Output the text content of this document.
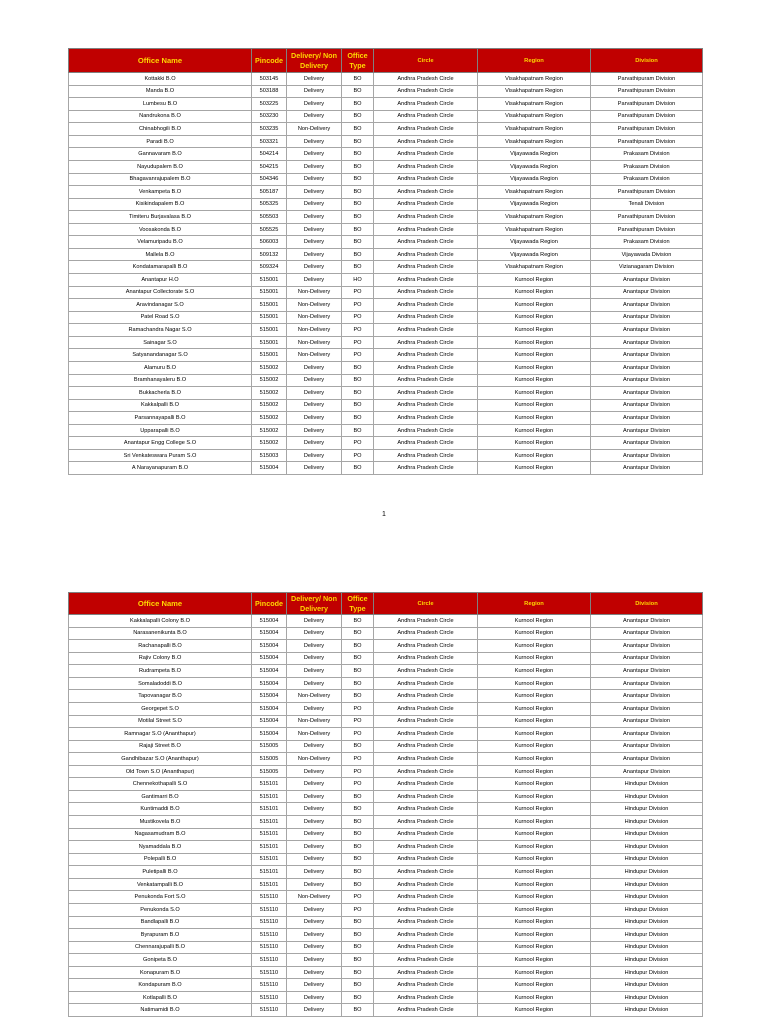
Office Name	Pincode	Delivery/ Non Delivery	Office Type	Circle	Region	Division
Kottakki B.O	503145	Delivery	BO	Andhra Pradesh Circle	Visakhapatnam Region	Parvathipuram Division
Manda B.O	503188	Delivery	BO	Andhra Pradesh Circle	Visakhapatnam Region	Parvathipuram Division
Lumbesu B.O	503225	Delivery	BO	Andhra Pradesh Circle	Visakhapatnam Region	Parvathipuram Division
Nandrukona B.O	503230	Delivery	BO	Andhra Pradesh Circle	Visakhapatnam Region	Parvathipuram Division
Chinabhogili B.O	503235	Non-Delivery	BO	Andhra Pradesh Circle	Visakhapatnam Region	Parvathipuram Division
Paradi B.O	503321	Delivery	BO	Andhra Pradesh Circle	Visakhapatnam Region	Parvathipuram Division
Gannavaram B.O	504214	Delivery	BO	Andhra Pradesh Circle	Vijayawada Region	Prakasam Division
Nayudupalem B.O	504215	Delivery	BO	Andhra Pradesh Circle	Vijayawada Region	Prakasam Division
Bhagavanrajupalem B.O	504346	Delivery	BO	Andhra Pradesh Circle	Vijayawada Region	Prakasam Division
Venkampeta B.O	505187	Delivery	BO	Andhra Pradesh Circle	Visakhapatnam Region	Parvathipuram Division
Kisikindapalem B.O	505325	Delivery	BO	Andhra Pradesh Circle	Vijayawada Region	Tenali Division
Timiteru Burjavalasa B.O	505503	Delivery	BO	Andhra Pradesh Circle	Visakhapatnam Region	Parvathipuram Division
Voosakonda B.O	505525	Delivery	BO	Andhra Pradesh Circle	Visakhapatnam Region	Parvathipuram Division
Velamuripadu B.O	506003	Delivery	BO	Andhra Pradesh Circle	Vijayawada Region	Prakasam Division
Mallela B.O	509132	Delivery	BO	Andhra Pradesh Circle	Vijayawada Region	Vijayawada Division
Kondatamarapalli B.O	509324	Delivery	BO	Andhra Pradesh Circle	Visakhapatnam Region	Vizianagaram Division
Anantapur H.O	515001	Delivery	HO	Andhra Pradesh Circle	Kurnool Region	Anantapur Division
Anantapur Collectorate S.O	515001	Non-Delivery	PO	Andhra Pradesh Circle	Kurnool Region	Anantapur Division
Aravindanagar S.O	515001	Non-Delivery	PO	Andhra Pradesh Circle	Kurnool Region	Anantapur Division
Patel Road S.O	515001	Non-Delivery	PO	Andhra Pradesh Circle	Kurnool Region	Anantapur Division
Ramachandra Nagar S.O	515001	Non-Delivery	PO	Andhra Pradesh Circle	Kurnool Region	Anantapur Division
Sainagar S.O	515001	Non-Delivery	PO	Andhra Pradesh Circle	Kurnool Region	Anantapur Division
Satyanandanagar S.O	515001	Non-Delivery	PO	Andhra Pradesh Circle	Kurnool Region	Anantapur Division
Alamuru B.O	515002	Delivery	BO	Andhra Pradesh Circle	Kurnool Region	Anantapur Division
Bramhanayaleru B.O	515002	Delivery	BO	Andhra Pradesh Circle	Kurnool Region	Anantapur Division
Bukkacherla B.O	515002	Delivery	BO	Andhra Pradesh Circle	Kurnool Region	Anantapur Division
Kakkalpalli B.O	515002	Delivery	BO	Andhra Pradesh Circle	Kurnool Region	Anantapur Division
Parsannayapalli B.O	515002	Delivery	BO	Andhra Pradesh Circle	Kurnool Region	Anantapur Division
Upparapalli B.O	515002	Delivery	BO	Andhra Pradesh Circle	Kurnool Region	Anantapur Division
Anantapur Engg College S.O	515002	Delivery	PO	Andhra Pradesh Circle	Kurnool Region	Anantapur Division
Sri Venkateswara Puram S.O	515003	Delivery	PO	Andhra Pradesh Circle	Kurnool Region	Anantapur Division
A Narayanapuram B.O	515004	Delivery	BO	Andhra Pradesh Circle	Kurnool Region	Anantapur Division
1
Office Name	Pincode	Delivery/ Non Delivery	Office Type	Circle	Region	Division
Kakkalapalli Colony B.O	515004	Delivery	BO	Andhra Pradesh Circle	Kurnool Region	Anantapur Division
Narasanenikunta B.O	515004	Delivery	BO	Andhra Pradesh Circle	Kurnool Region	Anantapur Division
Rachanapalli B.O	515004	Delivery	BO	Andhra Pradesh Circle	Kurnool Region	Anantapur Division
Rajiv Colony B.O	515004	Delivery	BO	Andhra Pradesh Circle	Kurnool Region	Anantapur Division
Rudrampeta B.O	515004	Delivery	BO	Andhra Pradesh Circle	Kurnool Region	Anantapur Division
Somaladoddi B.O	515004	Delivery	BO	Andhra Pradesh Circle	Kurnool Region	Anantapur Division
Tapovanagar B.O	515004	Non-Delivery	BO	Andhra Pradesh Circle	Kurnool Region	Anantapur Division
Georgepet S.O	515004	Delivery	PO	Andhra Pradesh Circle	Kurnool Region	Anantapur Division
Motilal Street S.O	515004	Non-Delivery	PO	Andhra Pradesh Circle	Kurnool Region	Anantapur Division
Ramnagar S.O (Ananthapur)	515004	Non-Delivery	PO	Andhra Pradesh Circle	Kurnool Region	Anantapur Division
Rajaji Street B.O	515005	Delivery	BO	Andhra Pradesh Circle	Kurnool Region	Anantapur Division
Gandhibazar S.O (Ananthapur)	515005	Non-Delivery	PO	Andhra Pradesh Circle	Kurnool Region	Anantapur Division
Old Town S.O (Ananthapur)	515005	Delivery	PO	Andhra Pradesh Circle	Kurnool Region	Anantapur Division
Chennekothapalli S.O	515101	Delivery	PO	Andhra Pradesh Circle	Kurnool Region	Hindupur Division
Gantimarri B.O	515101	Delivery	BO	Andhra Pradesh Circle	Kurnool Region	Hindupur Division
Kuntimaddi B.O	515101	Delivery	BO	Andhra Pradesh Circle	Kurnool Region	Hindupur Division
Mustikovela B.O	515101	Delivery	BO	Andhra Pradesh Circle	Kurnool Region	Hindupur Division
Nagasamudram B.O	515101	Delivery	BO	Andhra Pradesh Circle	Kurnool Region	Hindupur Division
Nyamaddala B.O	515101	Delivery	BO	Andhra Pradesh Circle	Kurnool Region	Hindupur Division
Polepalli B.O	515101	Delivery	BO	Andhra Pradesh Circle	Kurnool Region	Hindupur Division
Puletipalli B.O	515101	Delivery	BO	Andhra Pradesh Circle	Kurnool Region	Hindupur Division
Venkatampalli B.O	515101	Delivery	BO	Andhra Pradesh Circle	Kurnool Region	Hindupur Division
Penukonda Fort S.O	515110	Non-Delivery	PO	Andhra Pradesh Circle	Kurnool Region	Hindupur Division
Penukonda S.O	515110	Delivery	PO	Andhra Pradesh Circle	Kurnool Region	Hindupur Division
Bandlapalli B.O	515110	Delivery	BO	Andhra Pradesh Circle	Kurnool Region	Hindupur Division
Byrapuram B.O	515110	Delivery	BO	Andhra Pradesh Circle	Kurnool Region	Hindupur Division
Chennarajupalli B.O	515110	Delivery	BO	Andhra Pradesh Circle	Kurnool Region	Hindupur Division
Gonipeta B.O	515110	Delivery	BO	Andhra Pradesh Circle	Kurnool Region	Hindupur Division
Konapuram B.O	515110	Delivery	BO	Andhra Pradesh Circle	Kurnool Region	Hindupur Division
Kondapuram B.O	515110	Delivery	BO	Andhra Pradesh Circle	Kurnool Region	Hindupur Division
Kotlapalli B.O	515110	Delivery	BO	Andhra Pradesh Circle	Kurnool Region	Hindupur Division
Natimamidi B.O	515110	Delivery	BO	Andhra Pradesh Circle	Kurnool Region	Hindupur Division
